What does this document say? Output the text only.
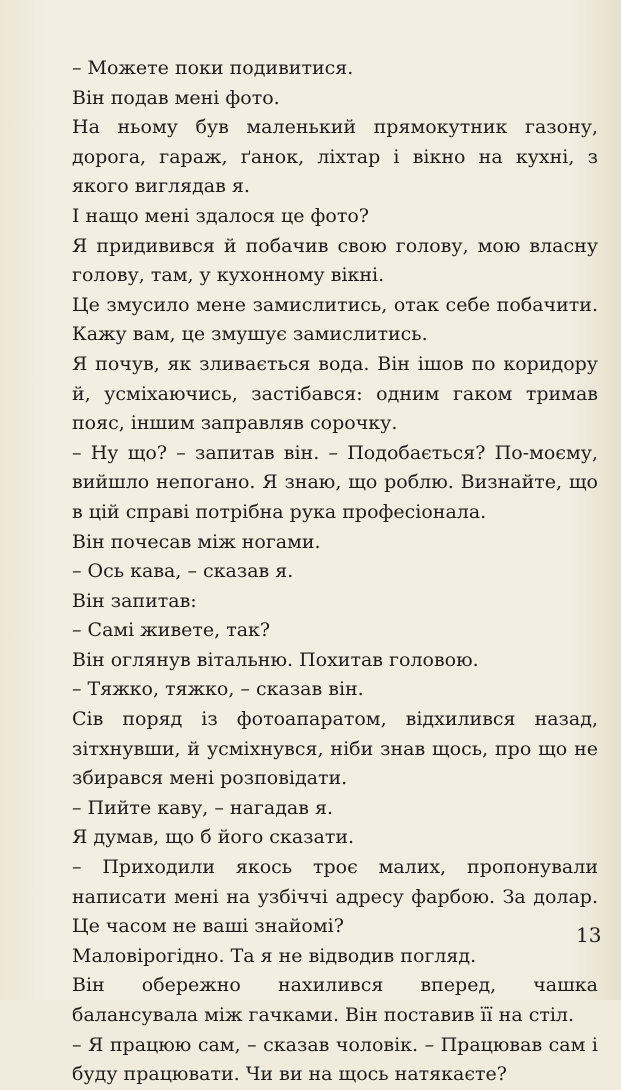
– Можете поки подивитися.

Він подав мені фото.

На ньому був маленький прямокутник газону, дорога, гараж, ґанок, ліхтар і вікно на кухні, з якого виглядав я.

І нащо мені здалося це фото?

Я придивився й побачив свою голову, мою власну голову, там, у кухонному вікні.

Це змусило мене замислитись, отак себе побачити. Кажу вам, це змушує замислитись.

Я почув, як зливається вода. Він ішов по коридору й, усміхаючись, застібався: одним гаком тримав пояс, іншим заправляв сорочку.

– Ну що? – запитав він. – Подобається? По-моєму, вийшло непогано. Я знаю, що роблю. Визнайте, що в цій справі потрібна рука професіонала.

Він почесав між ногами.

– Ось кава, – сказав я.

Він запитав:

– Самі живете, так?

Він оглянув вітальню. Похитав головою.

– Тяжко, тяжко, – сказав він.

Сів поряд із фотоапаратом, відхилився назад, зітхнувши, й усміхнувся, ніби знав щось, про що не збирався мені розповідати.

– Пийте каву, – нагадав я.

Я думав, що б його сказати.

– Приходили якось троє малих, пропонували написати мені на узбіччі адресу фарбою. За долар. Це часом не ваші знайомі?

Маловірогідно. Та я не відводив погляд.

Він обережно нахилився вперед, чашка балансувала між гачками. Він поставив її на стіл.

– Я працюю сам, – сказав чоловік. – Працював сам і буду працювати. Чи ви на щось натякаєте?

13
